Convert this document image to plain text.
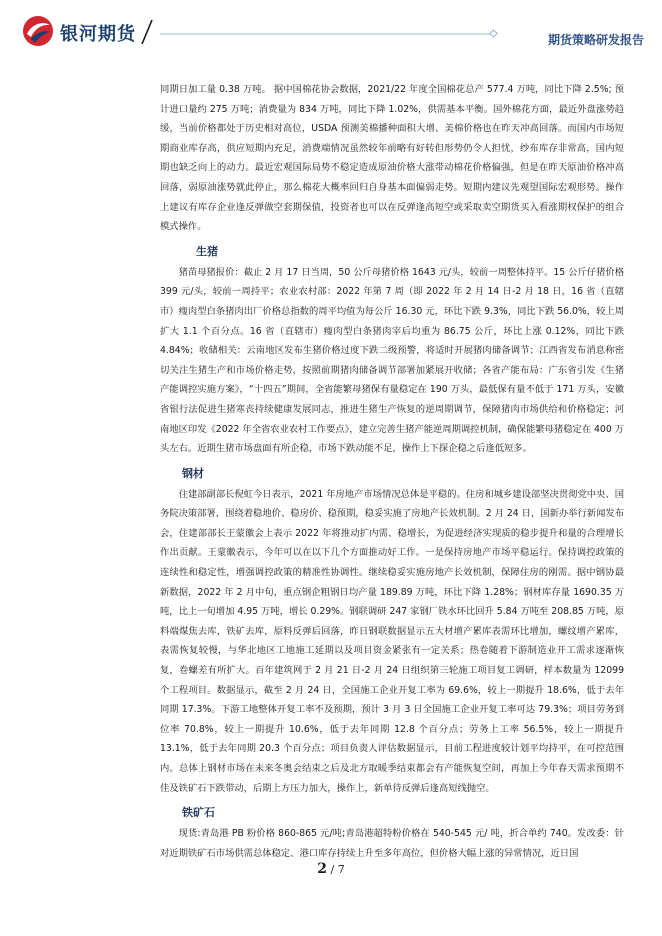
银河期货	期货策略研发报告

同期日加工量 0.38 万吨。 据中国棉花协会数据，2021/22 年度全国棉花总产 577.4 万吨，同比下降 2.5%; 预计进口量约 275 万吨；消费量为 834 万吨，同比下降 1.02%，供需基本平衡。国外棉花方面，最近外盘涨势趋缓，当前价格都处于历史相对高位，USDA 预测美棉播种面积大增、美棉价格也在昨天冲高回落。而国内市场短期商业库存高，供应短期内充足，消费端情况虽然较年前略有好转但形势仍令人担忧，纱布库存非常高，国内短期也缺乏向上的动力。最近宏观国际局势不稳定造成原油价格大涨带动棉花价格偏强，但是在昨天原油价格冲高回落，弱原油涨势就此停止，那么棉花大概率回归自身基本面偏弱走势。短期内建议先观望国际宏观形势。操作上建议有库存企业逢反弹做空套期保值，投资者也可以在反弹逢高短空或采取卖空期货买入看涨期权保护的组合模式操作。

生猪

猪苗母猪报价：截止 2 月 17 日当周，50 公斤母猪价格 1643 元/头，较前一周整体持平。15 公斤仔猪价格 399 元/头，较前一周持平；农业农村部：2022 年第 7 周（即 2022 年 2 月 14 日-2 月 18 日，16 省（直辖市）瘦肉型白条猪肉出厂价格总指数的周平均值为每公斤 16.30 元，环比下跌 9.3%，同比下跌 56.0%，较上周扩大 1.1 个百分点。16 省（直辖市）瘦肉型白条猪肉宰后均重为 86.75 公斤，环比上涨 0.12%，同比下跌 4.84%；收储相关：云南地区发布生猪价格过度下跌二级预警，将适时开展猪肉储备调节；江西省发布消息称密切关注生猪生产和市场价格走势，按照前期猪肉储备调节部署加紧展开收储；各省产能布局：广东省引发《生猪产能调控实施方案》，“十四五”期间，全省能繁母猪保有量稳定在 190 万头，最低保有量不低于 171 万头，安徽省银行法促进生猪寒丧持续健康发展同志，推进生猪生产恢复的逆周期调节，保障猪肉市场供给和价格稳定；河南地区印发《2022 年全省农业农村工作要点》，建立完善生猪产能逆周期调控机制，确保能繁母猪稳定在 400 万头左右。近期生猪市场盘面有所企稳，市场下跌动能不足，操作上下探企稳之后逢低短多。

钢材

住建部副部长倪虹今日表示，2021 年房地产市场情况总体是平稳的。住房和城乡建设部坚决贯彻党中央、国务院决策部署，围绕着稳地价、稳房价、稳预期，稳妥实施了房地产长效机制。2 月 24 日，国新办举行新闻发布会，住建部部长王蒙徽会上表示 2022 年将推动扩内需、稳增长，为促进经济实现质的稳步提升和量的合理增长作出贡献。王蒙徽表示，今年可以在以下几个方面推动好工作。一是保持房地产市场平稳运行。保持调控政策的连续性和稳定性，增强调控政策的精准性协调性。继续稳妥实施房地产长效机制，保障住房的刚需。据中钢协最新数据，2022 年 2 月中旬，重点钢企粗钢日均产量 189.89 万吨，环比下降 1.28%；钢材库存量 1690.35 万吨，比上一旬增加 4.95 万吨，增长 0.29%。钢联调研 247 家钢厂铁水环比回升 5.84 万吨至 208.85 万吨，原料端煤焦去库，铁矿去库，原料反弹后回落，昨日钢联数据显示五大材增产累库表需环比增加，螺纹增产累库，表需恢复较慢，与华北地区工地施工延期以及项目资金紧张有一定关系；热卷随着下游制造业开工需求逐渐恢复，卷螺差有所扩大。百年建筑网于 2 月 21 日-2 月 24 日组织第三轮施工项目复工调研，样本数量为 12099 个工程项目。数据显示，截至 2 月 24 日，全国施工企业开复工率为 69.6%，较上一期提升 18.6%，低于去年同期 17.3%。下游工地整体开复工率不及预期，预计 3 月 3 日全国施工企业开复工率可达 79.3%；项目劳务到位率 70.8%，较上一期提升 10.6%，低于去年同期 12.8 个百分点；劳务上工率 56.5%，较上一期提升 13.1%，低于去年同期 20.3 个百分点；项目负责人评估数据显示，目前工程进度较计划平均持平，在可控范围内。总体上钢材市场在未来冬奥会结束之后及北方取暖季结束都会有产能恢复空间，再加上今年春天需求预期不佳及铁矿石下跌带动，后期上方压力加大，操作上，新单待反弹后逢高短线抛空。

铁矿石

现货:青岛港 PB 粉价格 860-865 元/吨;青岛港超特粉价格在 540-545 元/ 吨，折合单约 740。发改委：针对近期铁矿石市场供需总体稳定、港口库存持续上升至多年高位，但价格大幅上涨的异常情况，近日国

2 / 7
